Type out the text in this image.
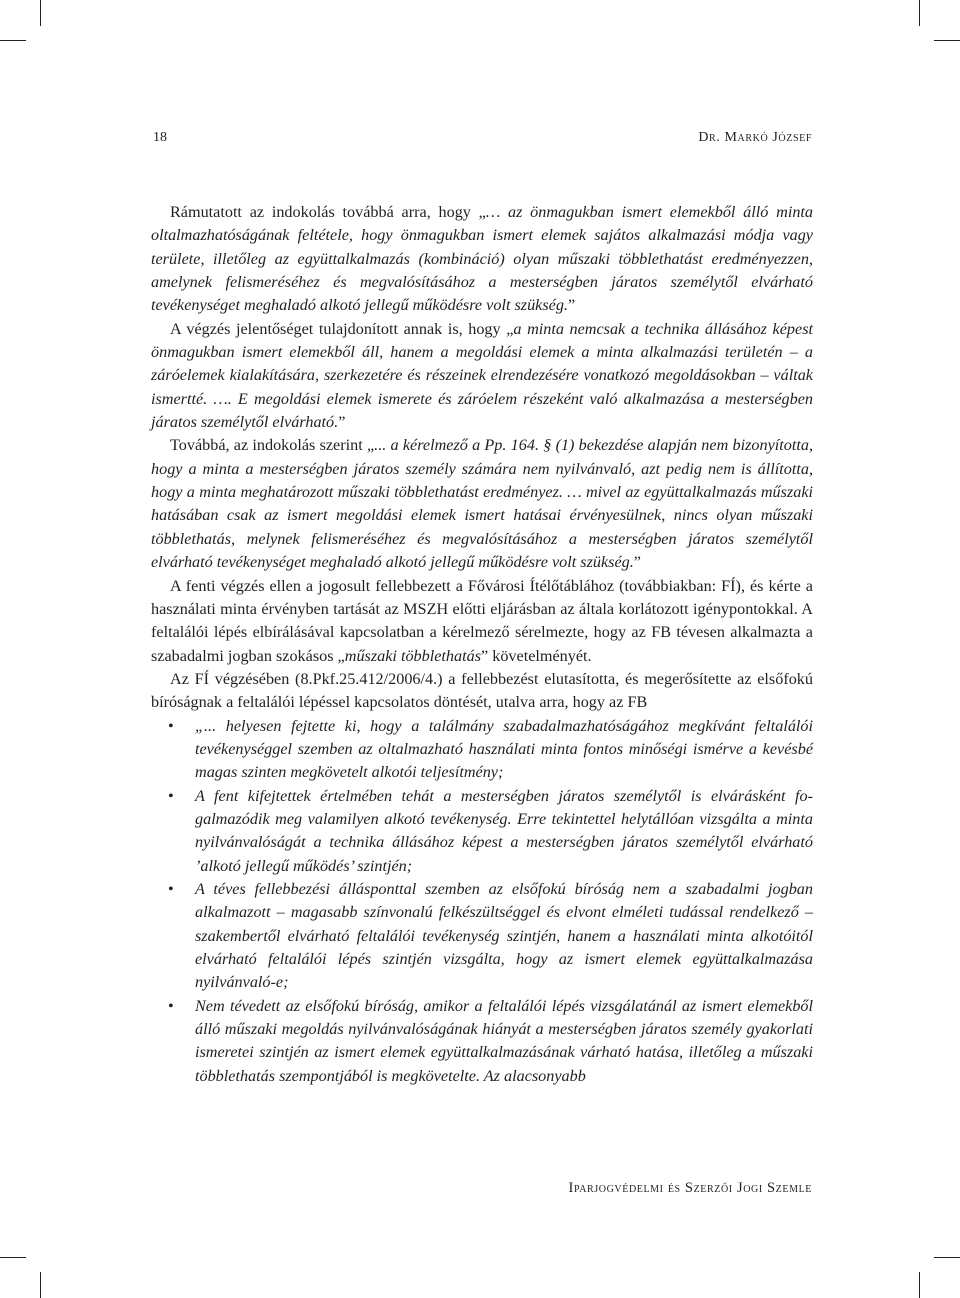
18	Dr. Markó József

Rámutatott az indokolás továbbá arra, hogy „… az önmagukban ismert elemekből álló minta oltalmazhatóságának feltétele, hogy önmagukban ismert elemek sajátos alkalmazási módja vagy területe, illetőleg az együttalkalmazás (kombináció) olyan műszaki többlethatást eredményezzen, amelynek felismeréséhez és megvalósításához a mesterségben járatos személytől elvárható tevékenységet meghaladó alkotó jellegű működésre volt szükség.”

A végzés jelentőséget tulajdonított annak is, hogy „a minta nemcsak a technika állásához képest önmagukban ismert elemekből áll, hanem a megoldási elemek a minta alkalmazási területén – a záróelemek kialakítására, szerkezetére és részeinek elrendezésére vonatkozó megoldásokban – váltak ismertté. …. E megoldási elemek ismerete és záróelem részeként való alkalmazása a mesterségben járatos személytől elvárható.”

Továbbá, az indokolás szerint „... a kérelmező a Pp. 164. § (1) bekezdése alapján nem bizonyította, hogy a minta a mesterségben járatos személy számára nem nyilvánvaló, azt pedig nem is állította, hogy a minta meghatározott műszaki többlethatást eredményez. … mivel az együttalkalmazás műszaki hatásában csak az ismert megoldási elemek ismert hatásai érvényesülnek, nincs olyan műszaki többlethatás, melynek felismeréséhez és megvalósításához a mesterségben járatos személytől elvárható tevékenységet meghaladó alkotó jellegű működésre volt szükség.”

A fenti végzés ellen a jogosult fellebbezett a Fővárosi Ítélőtáblához (továbbiakban: FÍ), és kérte a használati minta érvényben tartását az MSZH előtti eljárásban az általa korlátozott igénypontokkal. A feltalálói lépés elbírálásával kapcsolatban a kérelmező sérelmezte, hogy az FB tévesen alkalmazta a szabadalmi jogban szokásos „műszaki többlethatás” követelményét.

Az FÍ végzésében (8.Pkf.25.412/2006/4.) a fellebbezést elutasította, és megerősítette az elsőfokú bíróságnak a feltalálói lépéssel kapcsolatos döntését, utalva arra, hogy az FB

• „... helyesen fejtette ki, hogy a találmány szabadalmazhatóságához megkívánt feltalálói tevékenységgel szemben az oltalmazható használati minta fontos minőségi ismérve a kevésbé magas szinten megkövetelt alkotói teljesítmény;
• A fent kifejtettek értelmében tehát a mesterségben járatos személytől is elvárásként fogalmazódik meg valamilyen alkotó tevékenység. Erre tekintettel helytállóan vizsgálta a minta nyilvánvalóságát a technika állásához képest a mesterségben járatos személytől elvárható ’alkotó jellegű működés’ szintjén;
• A téves fellebbezési állásponttal szemben az elsőfokú bíróság nem a szabadalmi jogban alkalmazott – magasabb színvonalú felkészültséggel és elvont elméleti tudással rendelkező – szakembertől elvárható feltalálói tevékenység szintjén, hanem a használati minta alkotóitól elvárható feltalálói lépés szintjén vizsgálta, hogy az ismert elemek együttalkalmazása nyilvánvaló-e;
• Nem tévedett az elsőfokú bíróság, amikor a feltalálói lépés vizsgálatánál az ismert elemekből álló műszaki megoldás nyilvánvalóságának hiányát a mesterségben járatos személy gyakorlati ismeretei szintjén az ismert elemek együttalkalmazásának várható hatása, illetőleg a műszaki többlethatás szempontjából is megkövetelte. Az alacsonyabb
Iparjogvédelmi és Szerzői Jogi Szemle
